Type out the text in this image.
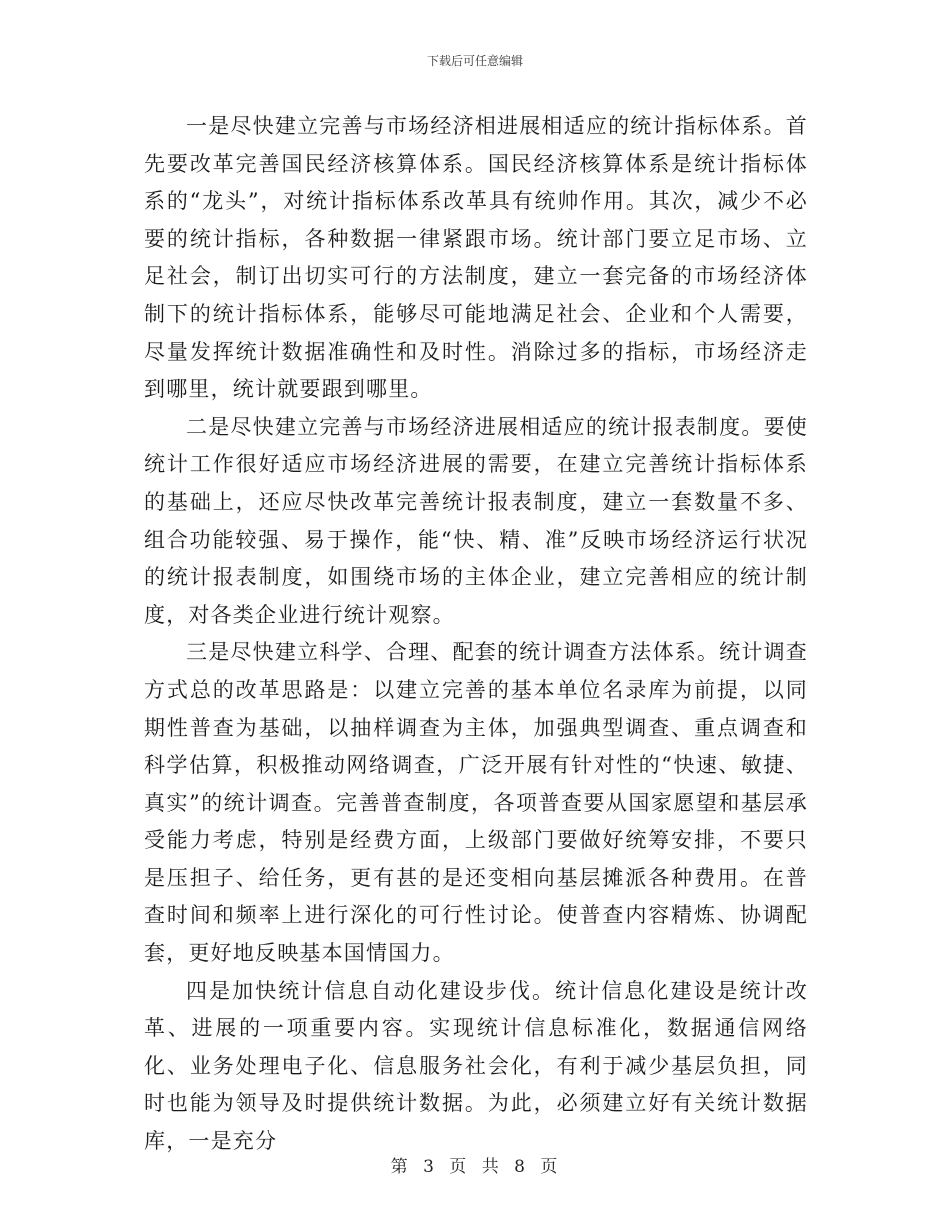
下载后可任意编辑

一是尽快建立完善与市场经济相进展相适应的统计指标体系。首先要改革完善国民经济核算体系。国民经济核算体系是统计指标体系的“龙头”，对统计指标体系改革具有统帅作用。其次，减少不必要的统计指标，各种数据一律紧跟市场。统计部门要立足市场、立足社会，制订出切实可行的方法制度，建立一套完备的市场经济体制下的统计指标体系，能够尽可能地满足社会、企业和个人需要，尽量发挥统计数据准确性和及时性。消除过多的指标，市场经济走到哪里，统计就要跟到哪里。

二是尽快建立完善与市场经济进展相适应的统计报表制度。要使统计工作很好适应市场经济进展的需要，在建立完善统计指标体系的基础上，还应尽快改革完善统计报表制度，建立一套数量不多、组合功能较强、易于操作，能“快、精、准”反映市场经济运行状况的统计报表制度，如围绕市场的主体企业，建立完善相应的统计制度，对各类企业进行统计观察。

三是尽快建立科学、合理、配套的统计调查方法体系。统计调查方式总的改革思路是：以建立完善的基本单位名录库为前提，以同期性普查为基础，以抽样调查为主体，加强典型调查、重点调查和科学估算，积极推动网络调查，广泛开展有针对性的“快速、敏捷、真实”的统计调查。完善普查制度，各项普查要从国家愿望和基层承受能力考虑，特别是经费方面，上级部门要做好统筹安排，不要只是压担子、给任务，更有甚的是还变相向基层摊派各种费用。在普查时间和频率上进行深化的可行性讨论。使普查内容精炼、协调配套，更好地反映基本国情国力。

四是加快统计信息自动化建设步伐。统计信息化建设是统计改革、进展的一项重要内容。实现统计信息标准化，数据通信网络化、业务处理电子化、信息服务社会化，有利于减少基层负担，同时也能为领导及时提供统计数据。为此，必须建立好有关统计数据库，一是充分

第 3 页 共 8 页
